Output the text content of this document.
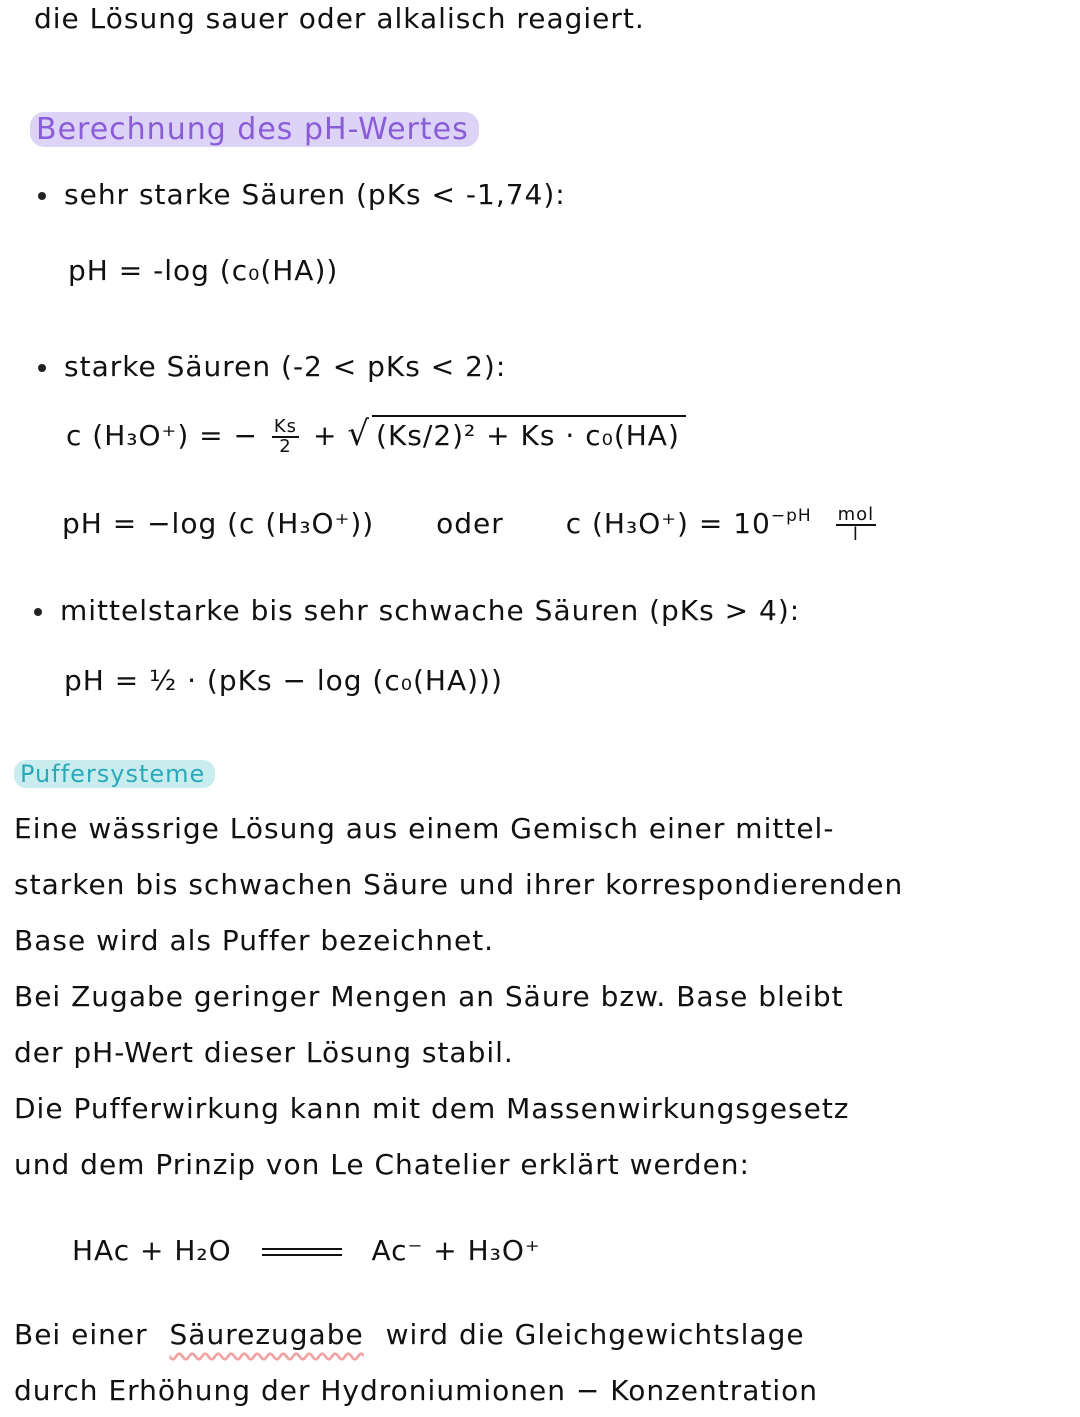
die Lösung sauer oder alkalisch reagiert.
Berechnung des pH-Wertes
sehr starke Säuren (pKs < -1,74):
pH = -log (c₀(HA))
starke Säuren (-2 < pKs < 2):
c (H₃O⁺) = − $\frac{Ks}{2}$ + √ (Ks/2)² + Ks · c₀(HA)
pH = −log (c (H₃O⁺)) oder c $(H_3O^+) = 10^{-pH} \frac{\text{mol}}{l}$
mittelstarke bis sehr schwache Säuren (pKs > 4):
pH = ½ · (pKs − log (c₀(HA)))
Puffersysteme
Eine wässrige Lösung aus einem Gemisch einer mittel-
starken bis schwachen Säure und ihrer korrespondierenden
Base wird als Puffer bezeichnet.
Bei Zugabe geringer Mengen an Säure bzw. Base bleibt
der pH-Wert dieser Lösung stabil.
Die Pufferwirkung kann mit dem Massenwirkungsgesetz
und dem Prinzip von Le Chatelier erklärt werden:
HAc + H₂O	Ac⁻ + H₃O⁺
Bei einer Säurezugabe wird die Gleichgewichtslage
durch Erhöhung der Hydroniumionen − Konzentration
